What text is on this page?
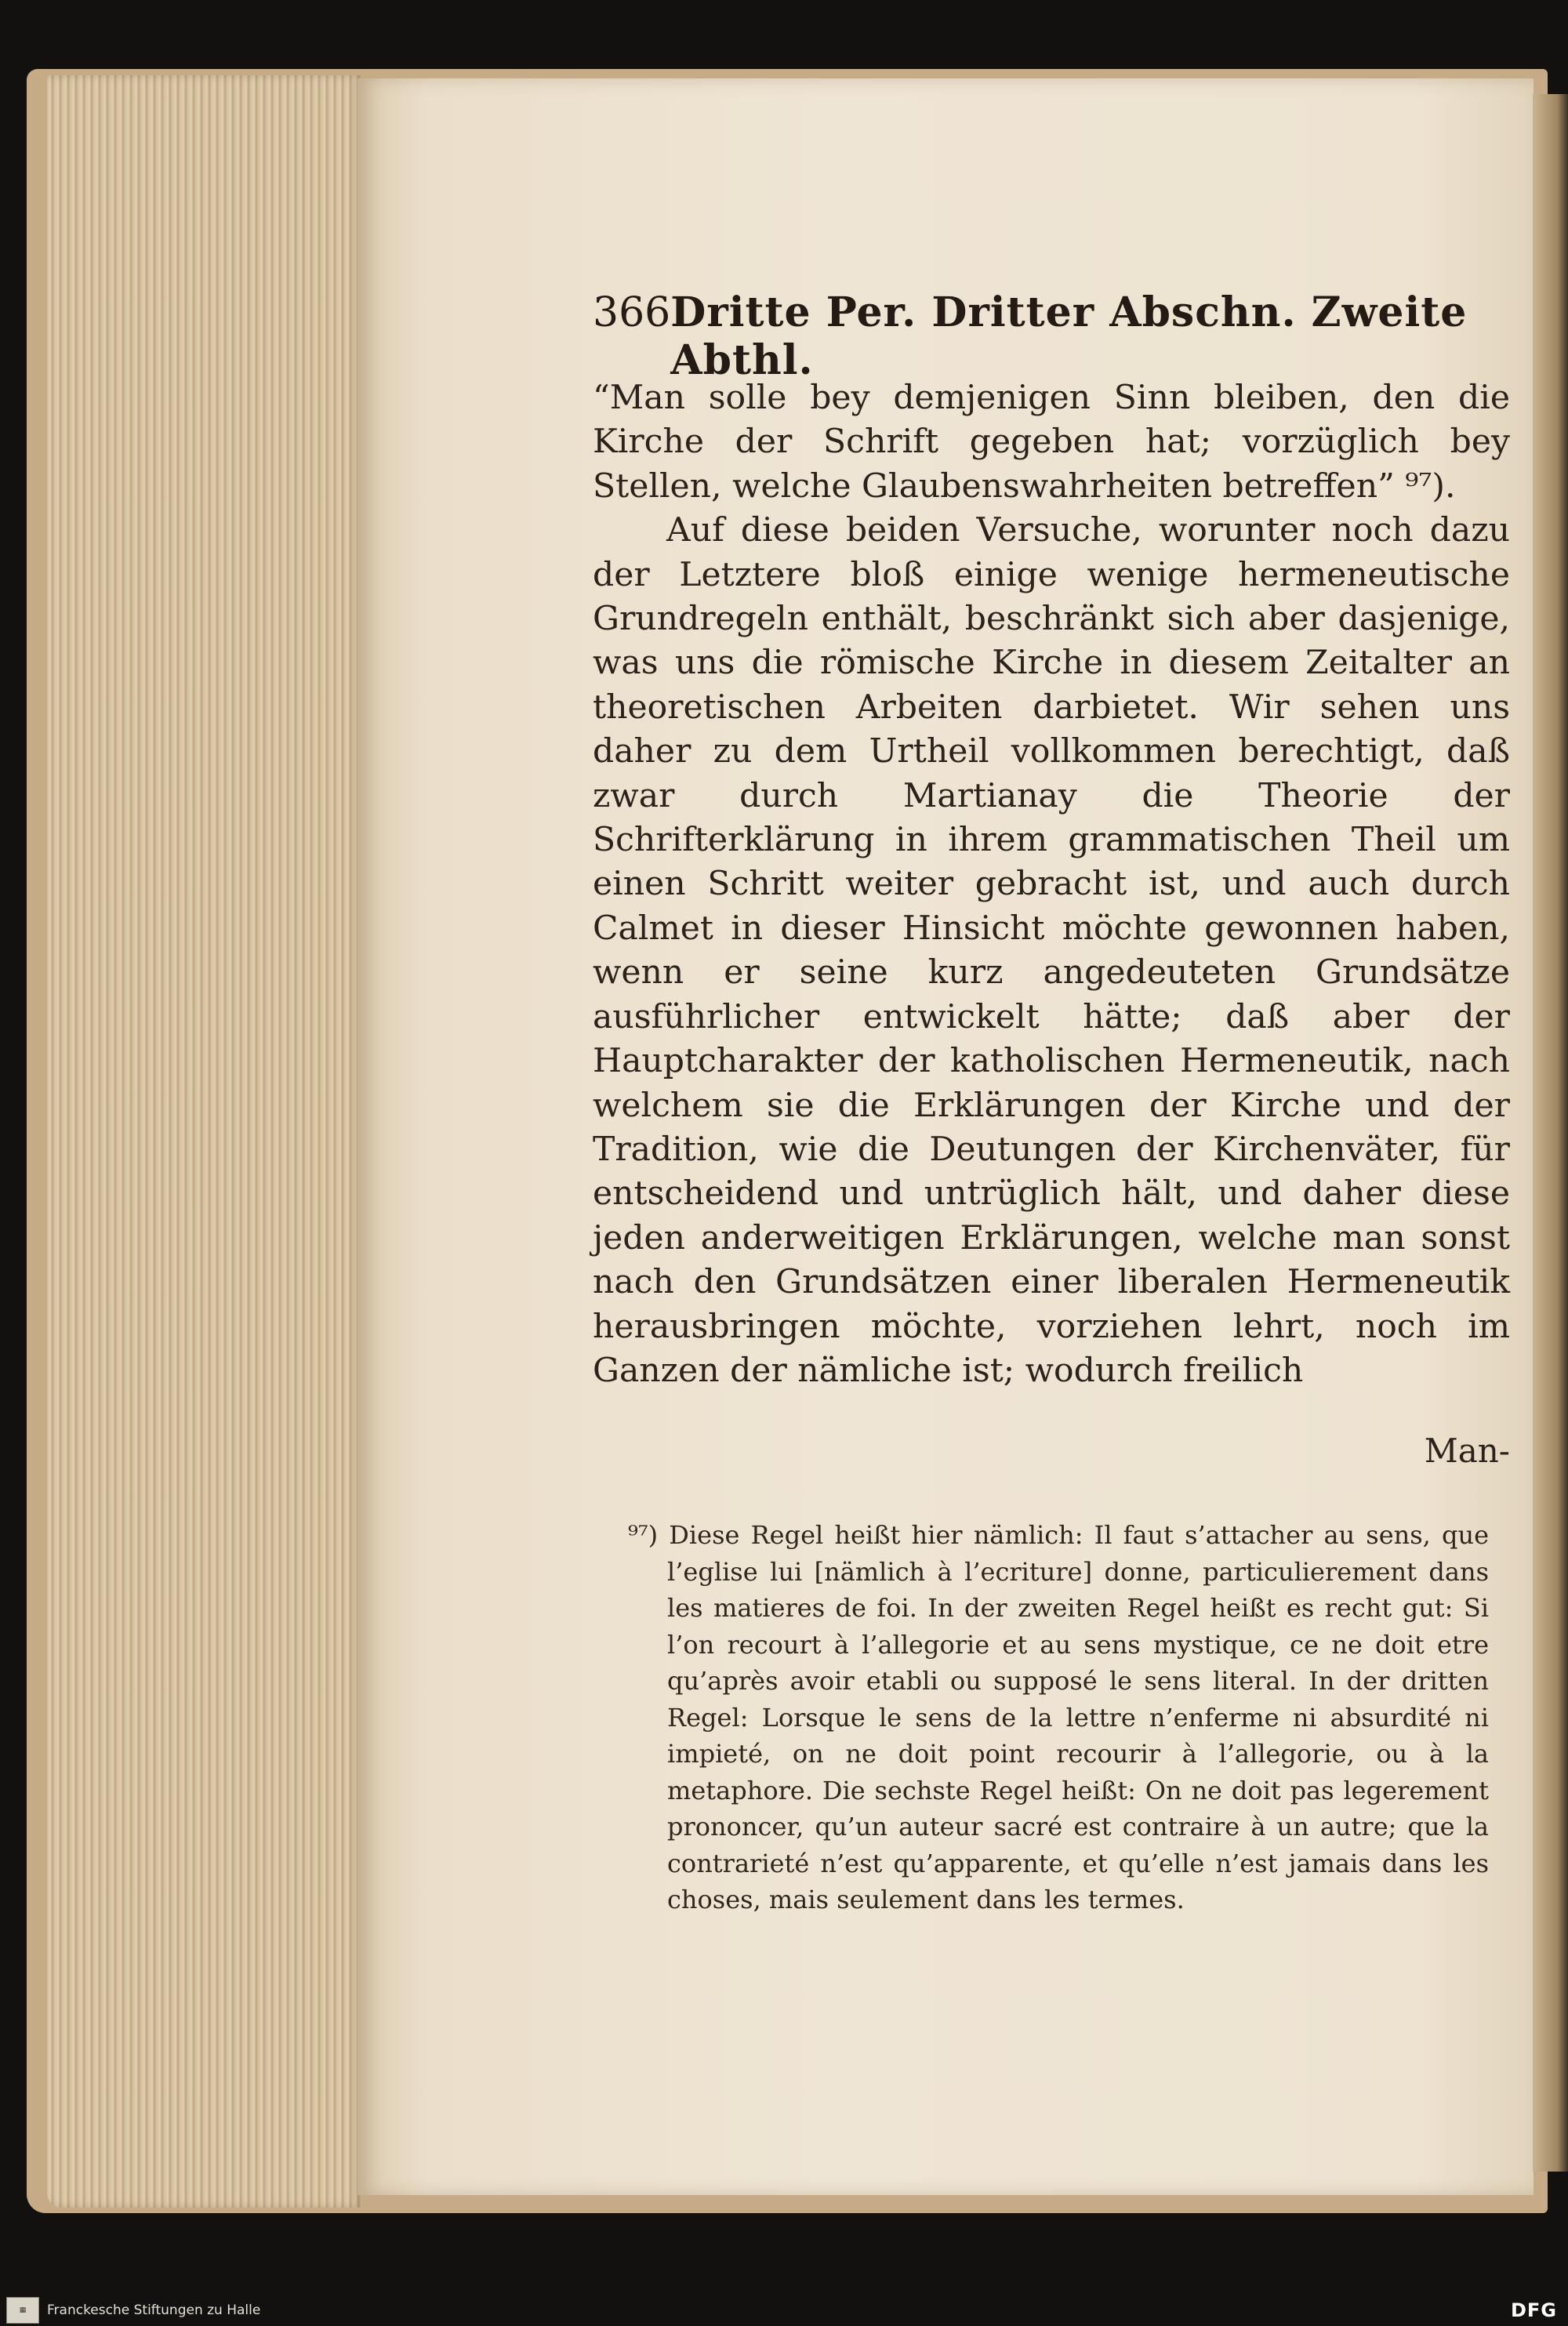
366 Dritte Per. Dritter Abschn. Zweite Abthl.

“Man solle bey demjenigen Sinn bleiben, den die Kirche der Schrift gegeben hat; vorzüglich bey Stellen, welche Glaubenswahrheiten betreffen” ⁹⁷).

Auf diese beiden Versuche, worunter noch dazu der Letztere bloß einige wenige hermeneutische Grundregeln enthält, beschränkt sich aber dasjenige, was uns die römische Kirche in diesem Zeitalter an theoretischen Arbeiten darbietet. Wir sehen uns daher zu dem Urtheil vollkommen berechtigt, daß zwar durch Martianay die Theorie der Schrifterklärung in ihrem grammatischen Theil um einen Schritt weiter gebracht ist, und auch durch Calmet in dieser Hinsicht möchte gewonnen haben, wenn er seine kurz angedeuteten Grundsätze ausführlicher entwickelt hätte; daß aber der Hauptcharakter der katholischen Hermeneutik, nach welchem sie die Erklärungen der Kirche und der Tradition, wie die Deutungen der Kirchenväter, für entscheidend und untrüglich hält, und daher diese jeden anderweitigen Erklärungen, welche man sonst nach den Grundsätzen einer liberalen Hermeneutik herausbringen möchte, vorziehen lehrt, noch im Ganzen der nämliche ist; wodurch freilich

Man-

⁹⁷) Diese Regel heißt hier nämlich: Il faut s’attacher au sens, que l’eglise lui [nämlich à l’ecriture] donne, particulierement dans les matieres de foi. In der zweiten Regel heißt es recht gut: Si l’on recourt à l’allegorie et au sens mystique, ce ne doit etre qu’après avoir etabli ou supposé le sens literal. In der dritten Regel: Lorsque le sens de la lettre n’enferme ni absurdité ni impieté, on ne doit point recourir à l’allegorie, ou à la metaphore. Die sechste Regel heißt: On ne doit pas legerement prononcer, qu’un auteur sacré est contraire à un autre; que la contrarieté n’est qu’apparente, et qu’elle n’est jamais dans les choses, mais seulement dans les termes.

▦	Franckesche Stiftungen zu Halle	DFG
